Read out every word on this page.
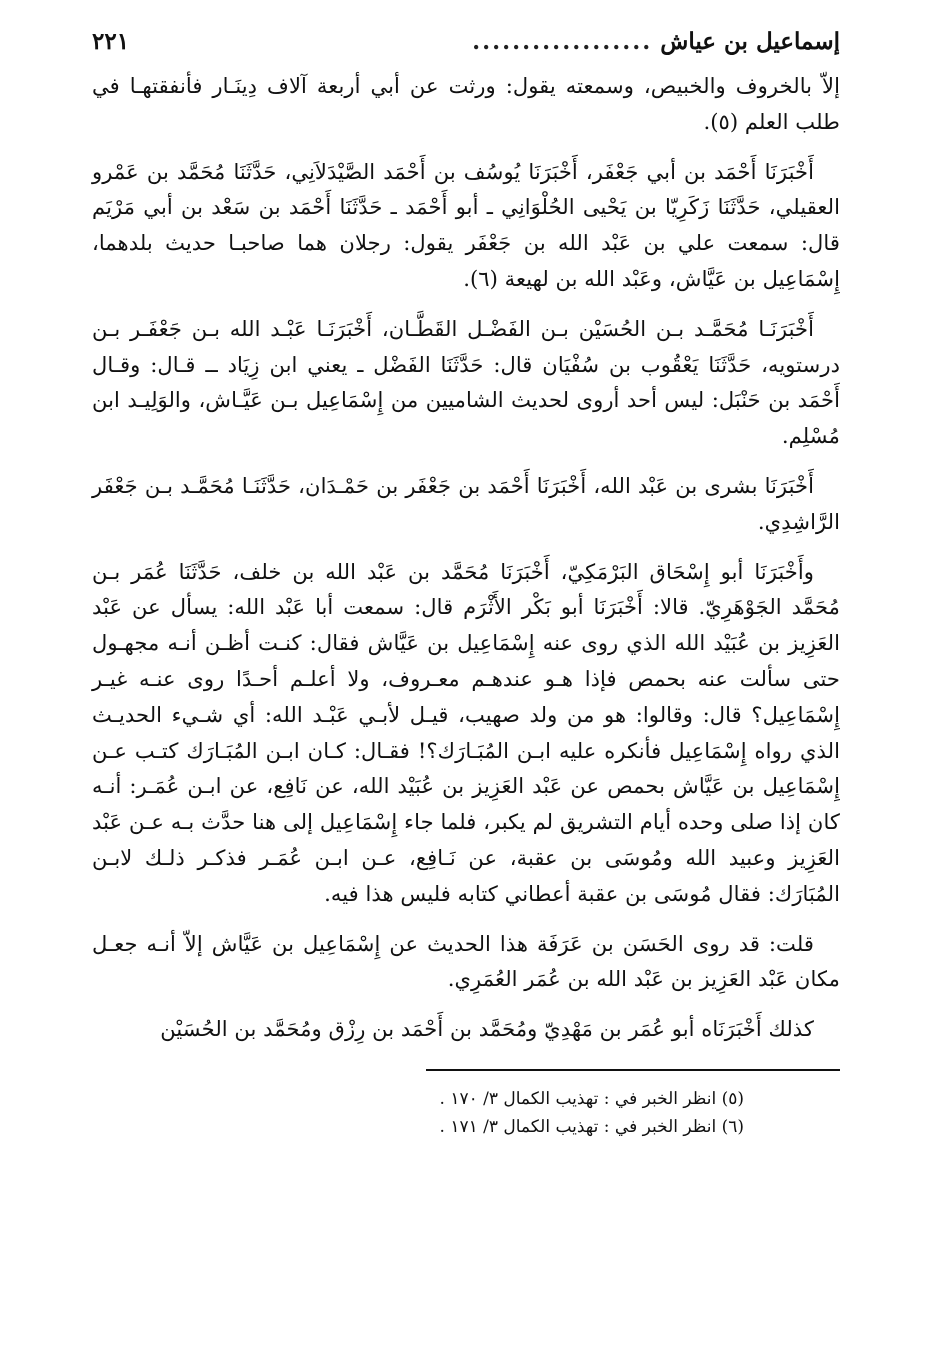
إسماعيل بن عياش
..................
٢٢١

إلاّ بالخروف والخبيص، وسمعته يقول: ورثت عن أبي أربعة آلاف دِينَـار فأنفقتهـا في طلب العلم (٥).

أَخْبَرَنَا أَحْمَد بن أبي جَعْفَر، أَخْبَرَنَا يُوسُف بن أَحْمَد الصَّيْدَلاَنِي، حَدَّثَنَا مُحَمَّد بن عَمْرو العقيلي، حَدَّثَنَا زَكَرِيّا بن يَحْيى الحُلْوَانِي ـ أبو أَحْمَد ـ حَدَّثَنَا أَحْمَد بن سَعْد بن أبي مَرْيَم قال: سمعت علي بن عَبْد الله بن جَعْفَر يقول: رجلان هما صاحبـا حديث بلدهما، إِسْمَاعِيل بن عَيَّاش، وعَبْد الله بن لهيعة (٦).

أَخْبَرَنَـا مُحَمَّـد بـن الحُسَيْن بـن الفَضْـل القَطَّـان، أَخْبَرَنَـا عَبْـد الله بـن جَعْفَـر بـن درستويه، حَدَّثَنَا يَعْقُوب بن سُفْيَان قال: حَدَّثَنَا الفَضْل ـ يعني ابن زِيَاد ــ قـال: وقـال أَحْمَد بن حَنْبَل: ليس أحد أروى لحديث الشاميين من إِسْمَاعِيل بـن عَيَّـاش، والوَلِيـد ابن مُسْلِم.

أَخْبَرَنَا بشرى بن عَبْد الله، أَخْبَرَنَا أَحْمَد بن جَعْفَر بن حَمْـدَان، حَدَّثَنَـا مُحَمَّـد بـن جَعْفَر الرَّاشِدِي.

وأَخْبَرَنَا أبو إِسْحَاق البَرْمَكِيّ، أَخْبَرَنَا مُحَمَّد بن عَبْد الله بن خلف، حَدَّثَنَا عُمَر بـن مُحَمَّد الجَوْهَرِيّ. قالا: أَخْبَرَنَا أبو بَكْر الأَثْرَم قال: سمعت أبا عَبْد الله: يسأل عن عَبْد العَزِيز بن عُبَيْد الله الذي روى عنه إِسْمَاعِيل بن عَيَّاش فقال: كنـت أظـن أنـه مجهـول حتى سألت عنه بحمص فإذا هـو عندهـم معـروف، ولا أعلـم أحـدًا روى عنـه غيـر إِسْمَاعِيل؟ قال: وقالوا: هو من ولد صهيب، قيـل لأبـي عَبْـد الله: أي شـيء الحديـث الذي رواه إِسْمَاعِيل فأنكره عليه ابـن المُبَـارَك؟! فقـال: كـان ابـن المُبَـارَك كتـب عـن إِسْمَاعِيل بن عَيَّاش بحمص عن عَبْد العَزِيز بن عُبَيْد الله، عن نَافِع، عن ابـن عُمَـر: أنـه كان إذا صلى وحده أيام التشريق لم يكبر، فلما جاء إِسْمَاعِيل إلى هنا حدَّث بـه عـن عَبْد العَزِيز وعبيد الله ومُوسَى بن عقبة، عن نَـافِع، عـن ابـن عُمَـر فذكـر ذلـك لابـن المُبَارَك: فقال مُوسَى بن عقبة أعطاني كتابه فليس هذا فيه.

قلت: قد روى الحَسَن بن عَرَفَة هذا الحديث عن إِسْمَاعِيل بن عَيَّاش إلاّ أنـه جعـل مكان عَبْد العَزِيز بن عَبْد الله بن عُمَر العُمَرِي.

كذلك أَخْبَرَنَاه أبو عُمَر بن مَهْدِيّ ومُحَمَّد بن أَحْمَد بن رِزْق ومُحَمَّد بن الحُسَيْن

(٥) انظر الخبر في : تهذيب الكمال ٣/ ١٧٠ .
(٦) انظر الخبر في : تهذيب الكمال ٣/ ١٧١ .
